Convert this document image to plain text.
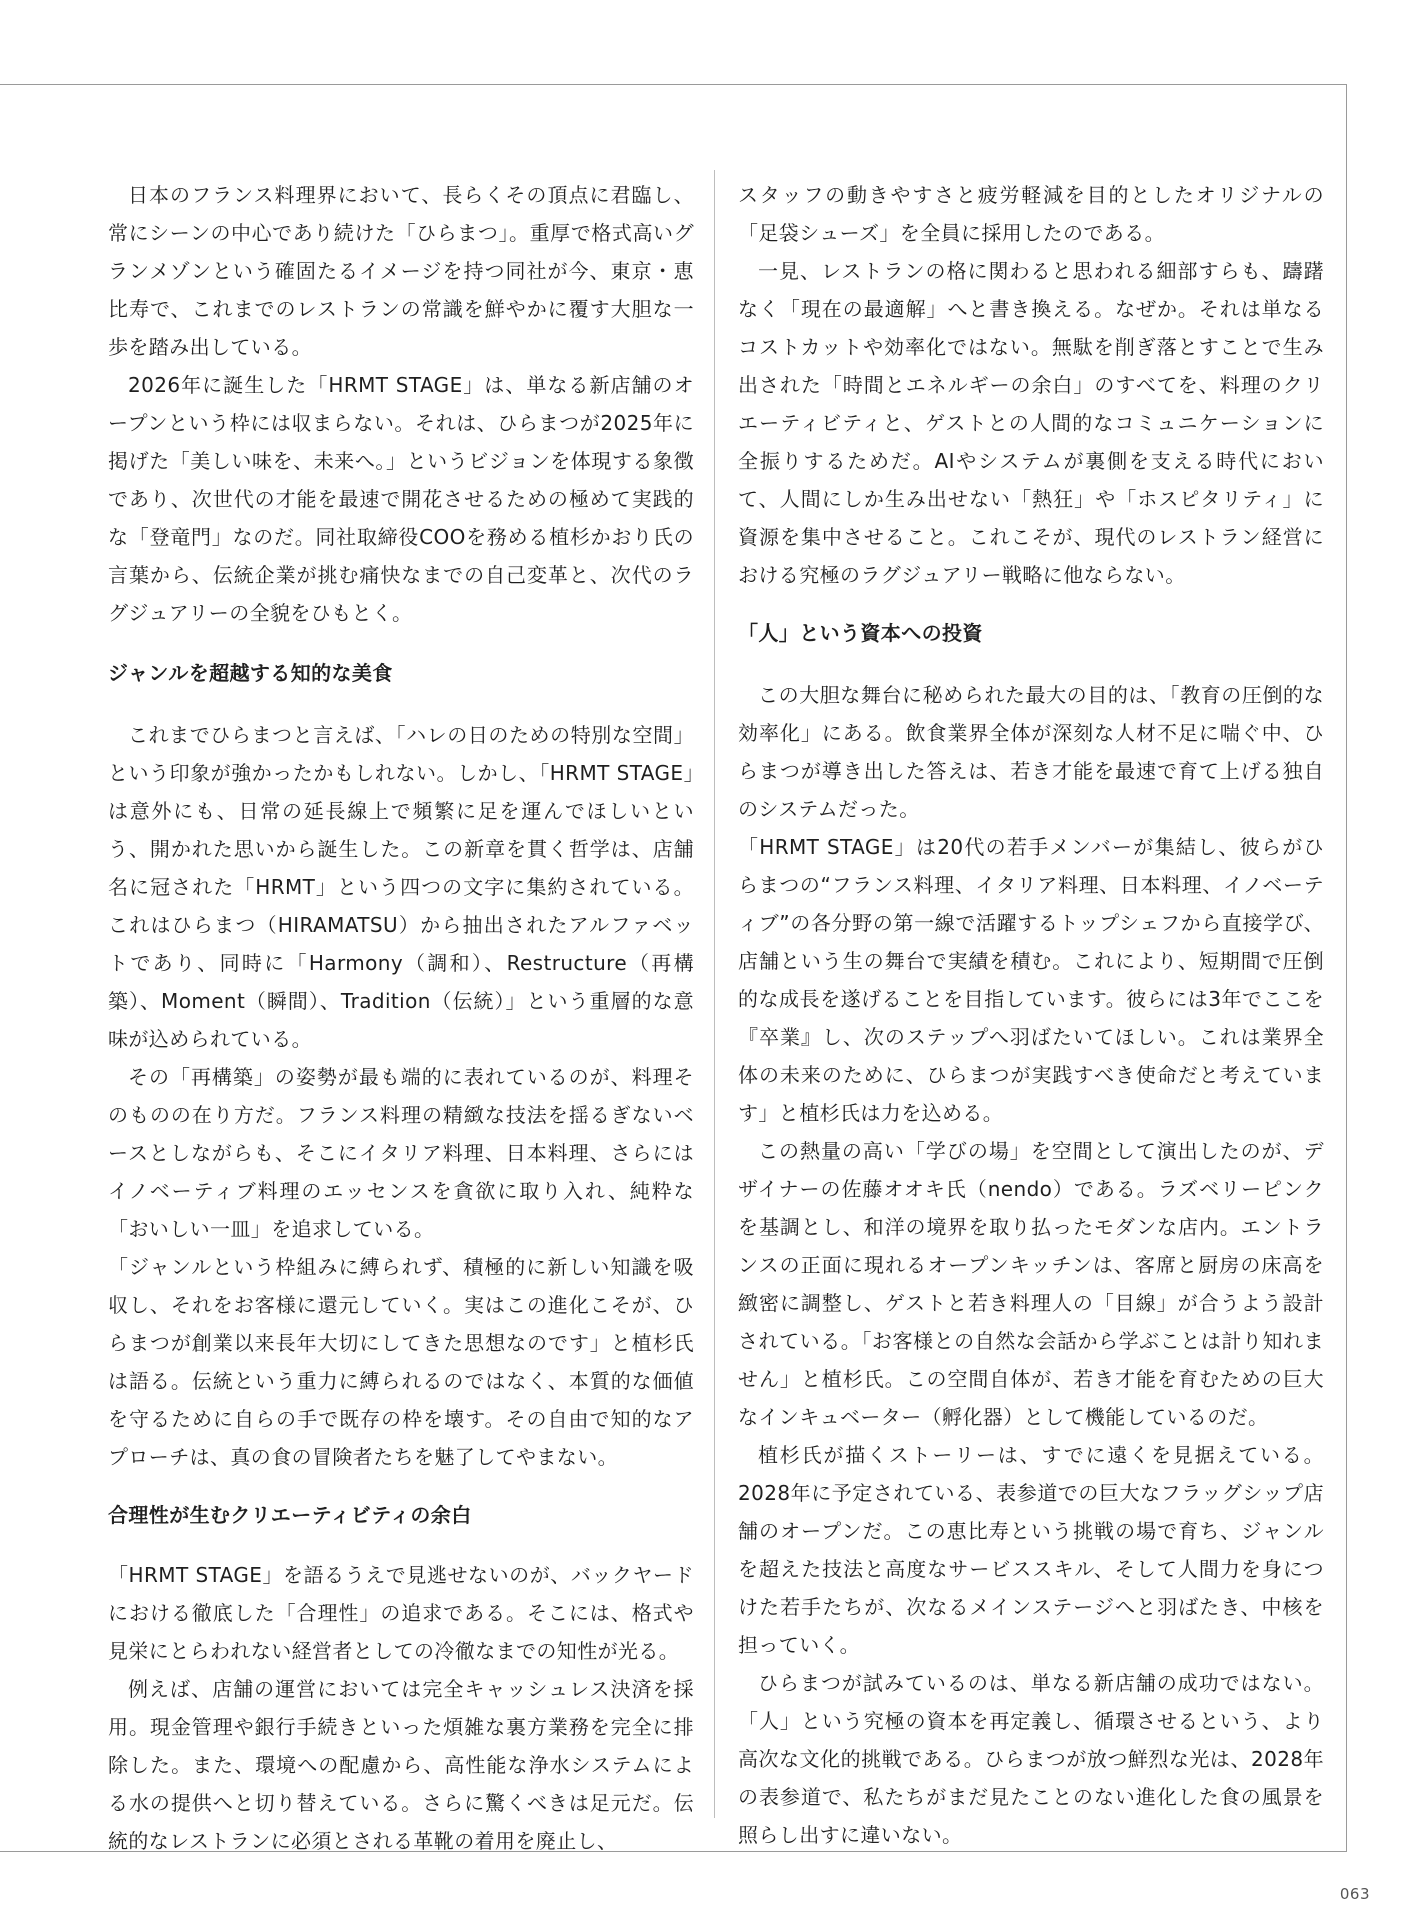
日本のフランス料理界において、長らくその頂点に君臨し、常にシーンの中心であり続けた「ひらまつ」。重厚で格式高いグランメゾンという確固たるイメージを持つ同社が今、東京・恵比寿で、これまでのレストランの常識を鮮やかに覆す大胆な一歩を踏み出している。

2026年に誕生した「HRMT STAGE」は、単なる新店舗のオープンという枠には収まらない。それは、ひらまつが2025年に掲げた「美しい味を、未来へ。」というビジョンを体現する象徴であり、次世代の才能を最速で開花させるための極めて実践的な「登竜門」なのだ。同社取締役COOを務める植杉かおり氏の言葉から、伝統企業が挑む痛快なまでの自己変革と、次代のラグジュアリーの全貌をひもとく。

ジャンルを超越する知的な美食

これまでひらまつと言えば、「ハレの日のための特別な空間」という印象が強かったかもしれない。しかし、「HRMT STAGE」は意外にも、日常の延長線上で頻繁に足を運んでほしいという、開かれた思いから誕生した。この新章を貫く哲学は、店舗名に冠された「HRMT」という四つの文字に集約されている。これはひらまつ（HIRAMATSU）から抽出されたアルファベットであり、同時に「Harmony（調和）、Restructure（再構築）、Moment（瞬間）、Tradition（伝統）」という重層的な意味が込められている。

その「再構築」の姿勢が最も端的に表れているのが、料理そのものの在り方だ。フランス料理の精緻な技法を揺るぎないベースとしながらも、そこにイタリア料理、日本料理、さらにはイノベーティブ料理のエッセンスを貪欲に取り入れ、純粋な「おいしい一皿」を追求している。

「ジャンルという枠組みに縛られず、積極的に新しい知識を吸収し、それをお客様に還元していく。実はこの進化こそが、ひらまつが創業以来長年大切にしてきた思想なのです」と植杉氏は語る。伝統という重力に縛られるのではなく、本質的な価値を守るために自らの手で既存の枠を壊す。その自由で知的なアプローチは、真の食の冒険者たちを魅了してやまない。

合理性が生むクリエーティビティの余白

「HRMT STAGE」を語るうえで見逃せないのが、バックヤードにおける徹底した「合理性」の追求である。そこには、格式や見栄にとらわれない経営者としての冷徹なまでの知性が光る。

例えば、店舗の運営においては完全キャッシュレス決済を採用。現金管理や銀行手続きといった煩雑な裏方業務を完全に排除した。また、環境への配慮から、高性能な浄水システムによる水の提供へと切り替えている。さらに驚くべきは足元だ。伝統的なレストランに必須とされる革靴の着用を廃止し、

スタッフの動きやすさと疲労軽減を目的としたオリジナルの「足袋シューズ」を全員に採用したのである。

一見、レストランの格に関わると思われる細部すらも、躊躇なく「現在の最適解」へと書き換える。なぜか。それは単なるコストカットや効率化ではない。無駄を削ぎ落とすことで生み出された「時間とエネルギーの余白」のすべてを、料理のクリエーティビティと、ゲストとの人間的なコミュニケーションに全振りするためだ。AIやシステムが裏側を支える時代において、人間にしか生み出せない「熱狂」や「ホスピタリティ」に資源を集中させること。これこそが、現代のレストラン経営における究極のラグジュアリー戦略に他ならない。

「人」という資本への投資

この大胆な舞台に秘められた最大の目的は、「教育の圧倒的な効率化」にある。飲食業界全体が深刻な人材不足に喘ぐ中、ひらまつが導き出した答えは、若き才能を最速で育て上げる独自のシステムだった。

「HRMT STAGE」は20代の若手メンバーが集結し、彼らがひらまつの“フランス料理、イタリア料理、日本料理、イノベーティブ”の各分野の第一線で活躍するトップシェフから直接学び、店舗という生の舞台で実績を積む。これにより、短期間で圧倒的な成長を遂げることを目指しています。彼らには3年でここを『卒業』し、次のステップへ羽ばたいてほしい。これは業界全体の未来のために、ひらまつが実践すべき使命だと考えています」と植杉氏は力を込める。

この熱量の高い「学びの場」を空間として演出したのが、デザイナーの佐藤オオキ氏（nendo）である。ラズベリーピンクを基調とし、和洋の境界を取り払ったモダンな店内。エントランスの正面に現れるオープンキッチンは、客席と厨房の床高を緻密に調整し、ゲストと若き料理人の「目線」が合うよう設計されている。「お客様との自然な会話から学ぶことは計り知れません」と植杉氏。この空間自体が、若き才能を育むための巨大なインキュベーター（孵化器）として機能しているのだ。

植杉氏が描くストーリーは、すでに遠くを見据えている。2028年に予定されている、表参道での巨大なフラッグシップ店舗のオープンだ。この恵比寿という挑戦の場で育ち、ジャンルを超えた技法と高度なサービススキル、そして人間力を身につけた若手たちが、次なるメインステージへと羽ばたき、中核を担っていく。

ひらまつが試みているのは、単なる新店舗の成功ではない。「人」という究極の資本を再定義し、循環させるという、より高次な文化的挑戦である。ひらまつが放つ鮮烈な光は、2028年の表参道で、私たちがまだ見たことのない進化した食の風景を照らし出すに違いない。

063
